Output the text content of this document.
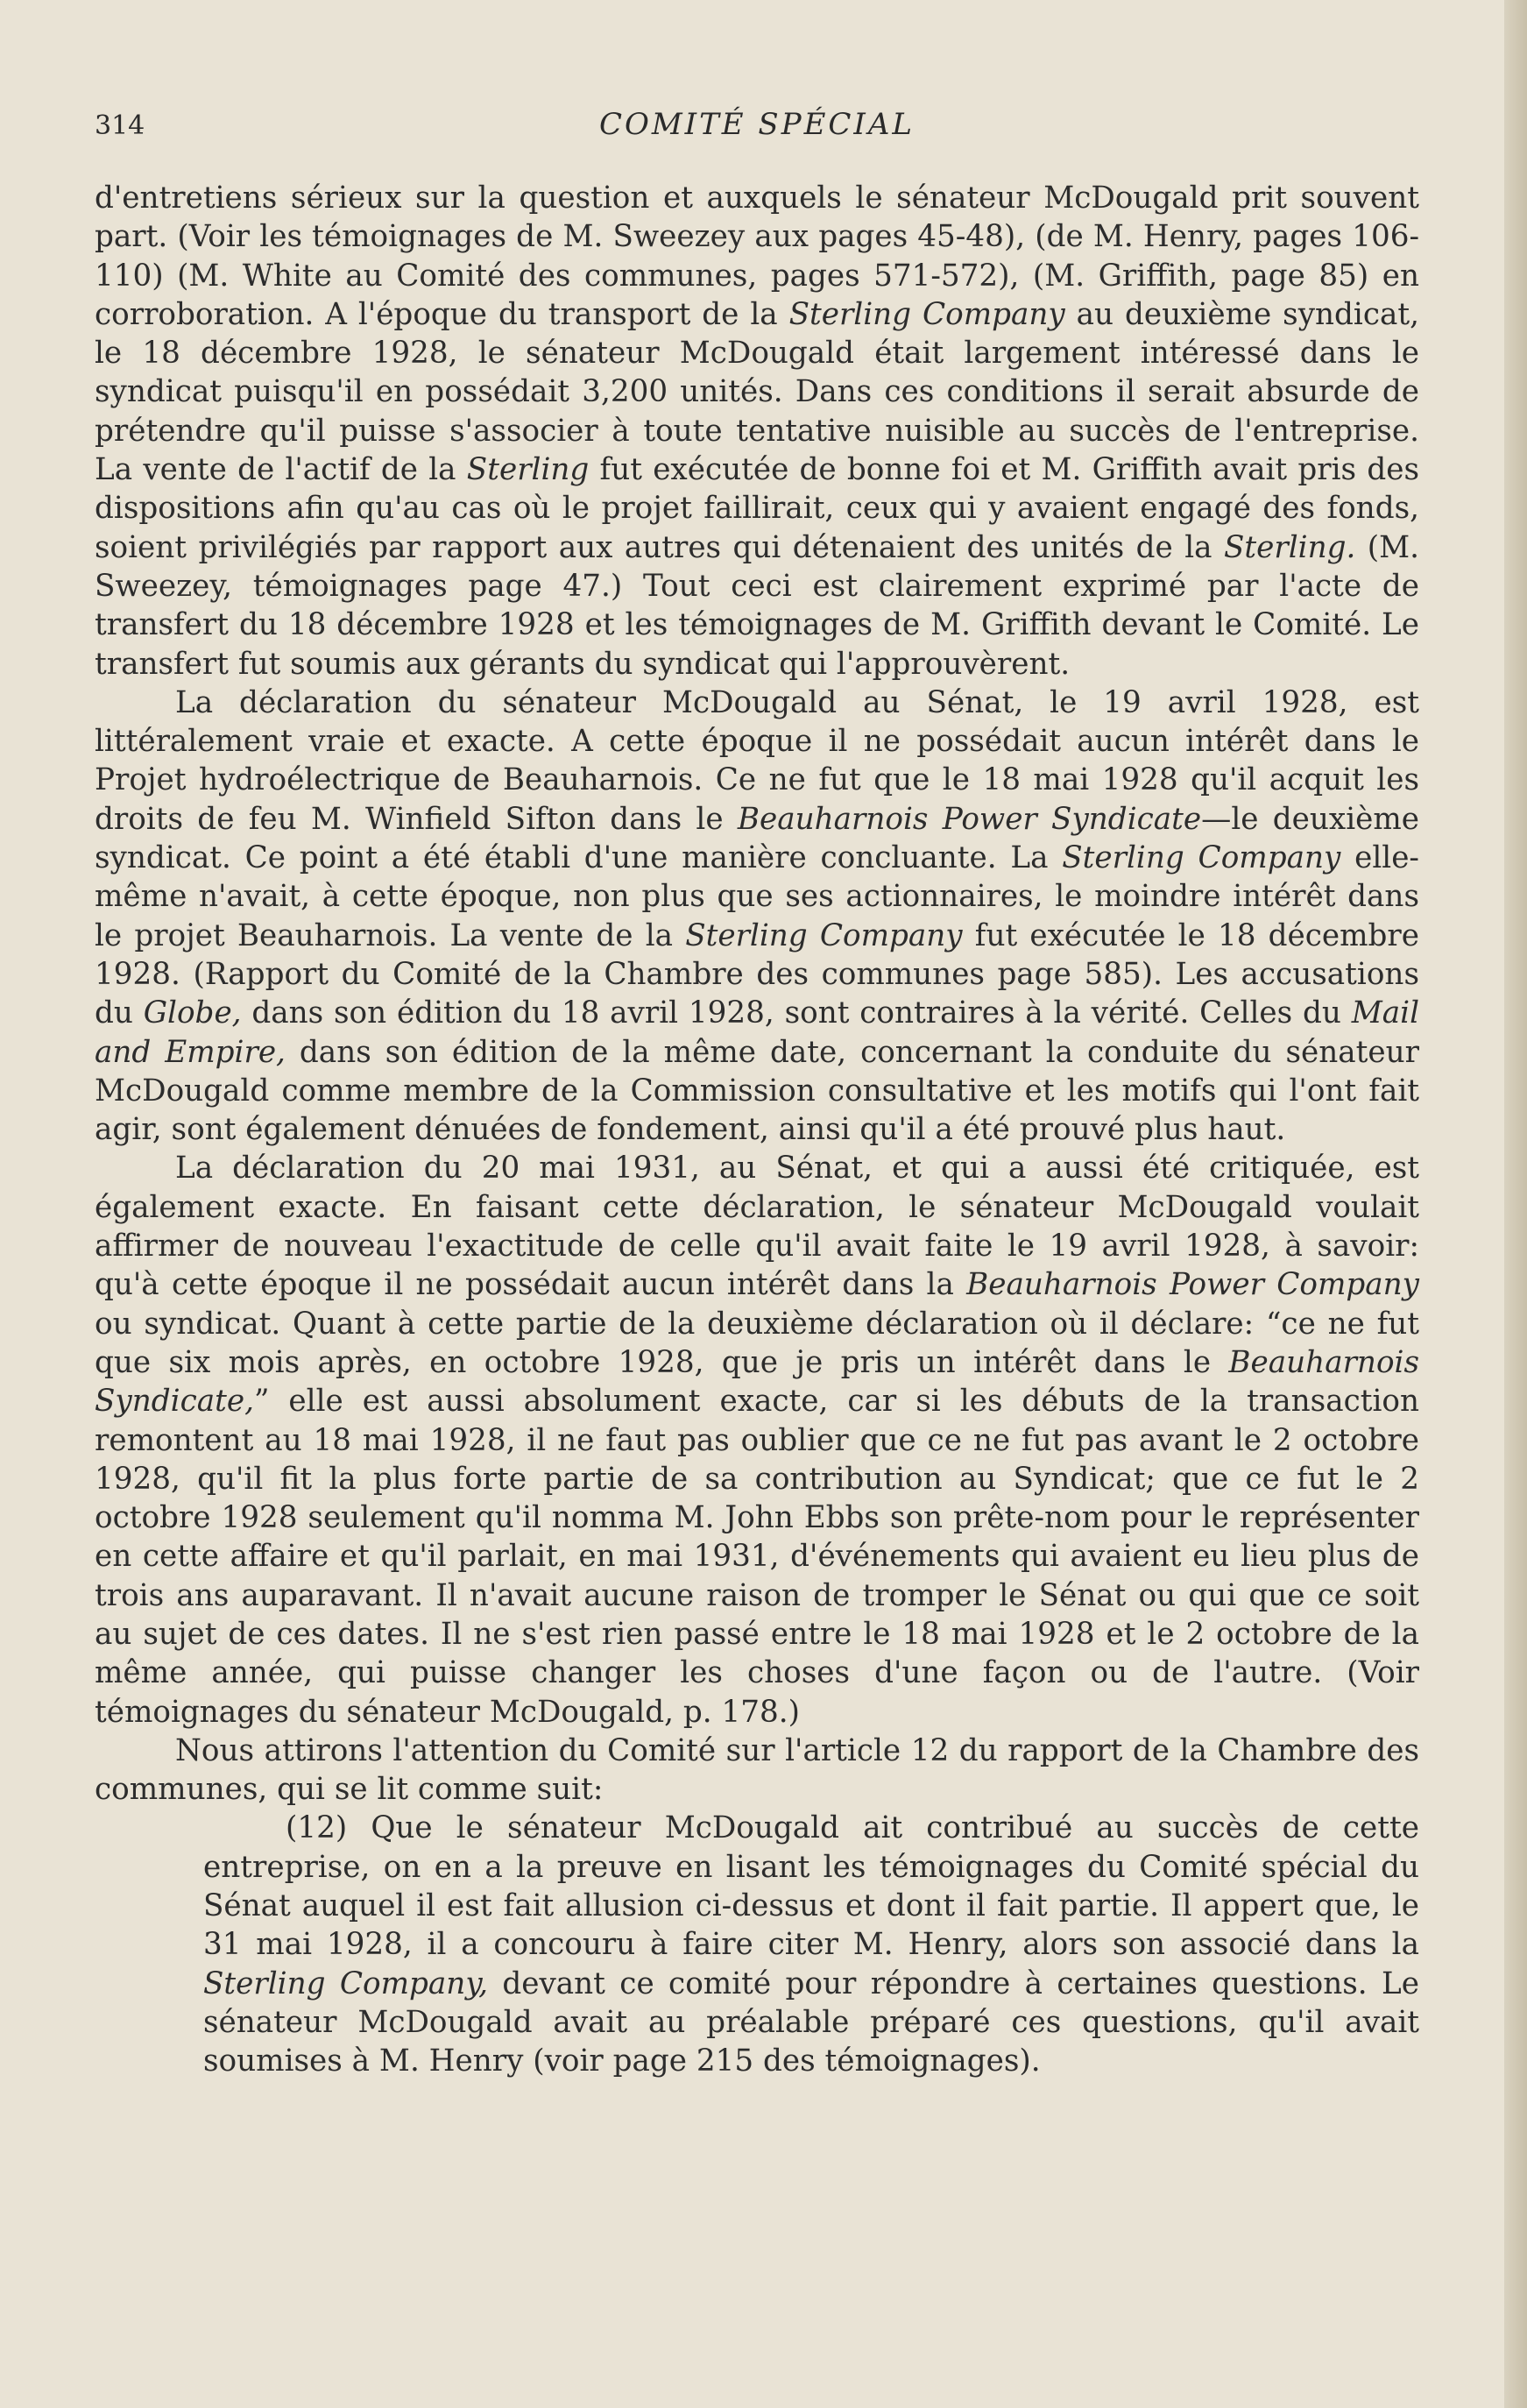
314	COMITÉ SPÉCIAL

d'entretiens sérieux sur la question et auxquels le sénateur McDougald prit souvent part. (Voir les témoignages de M. Sweezey aux pages 45-48), (de M. Henry, pages 106-110) (M. White au Comité des communes, pages 571-572), (M. Griffith, page 85) en corroboration. A l'époque du transport de la Sterling Company au deuxième syndicat, le 18 décembre 1928, le sénateur McDougald était largement intéressé dans le syndicat puisqu'il en possédait 3,200 unités. Dans ces conditions il serait absurde de prétendre qu'il puisse s'associer à toute tentative nuisible au succès de l'entreprise. La vente de l'actif de la Sterling fut exécutée de bonne foi et M. Griffith avait pris des dispositions afin qu'au cas où le projet faillirait, ceux qui y avaient engagé des fonds, soient privilégiés par rapport aux autres qui détenaient des unités de la Sterling. (M. Sweezey, témoignages page 47.) Tout ceci est clairement exprimé par l'acte de transfert du 18 décembre 1928 et les témoignages de M. Griffith devant le Comité. Le transfert fut soumis aux gérants du syndicat qui l'approuvèrent.

La déclaration du sénateur McDougald au Sénat, le 19 avril 1928, est littéralement vraie et exacte. A cette époque il ne possédait aucun intérêt dans le Projet hydroélectrique de Beauharnois. Ce ne fut que le 18 mai 1928 qu'il acquit les droits de feu M. Winfield Sifton dans le Beauharnois Power Syndicate—le deuxième syndicat. Ce point a été établi d'une manière concluante. La Sterling Company elle-même n'avait, à cette époque, non plus que ses actionnaires, le moindre intérêt dans le projet Beauharnois. La vente de la Sterling Company fut exécutée le 18 décembre 1928. (Rapport du Comité de la Chambre des communes page 585). Les accusations du Globe, dans son édition du 18 avril 1928, sont contraires à la vérité. Celles du Mail and Empire, dans son édition de la même date, concernant la conduite du sénateur McDougald comme membre de la Commission consultative et les motifs qui l'ont fait agir, sont également dénuées de fondement, ainsi qu'il a été prouvé plus haut.

La déclaration du 20 mai 1931, au Sénat, et qui a aussi été critiquée, est également exacte. En faisant cette déclaration, le sénateur McDougald voulait affirmer de nouveau l'exactitude de celle qu'il avait faite le 19 avril 1928, à savoir: qu'à cette époque il ne possédait aucun intérêt dans la Beauharnois Power Company ou syndicat. Quant à cette partie de la deuxième déclaration où il déclare: “ce ne fut que six mois après, en octobre 1928, que je pris un intérêt dans le Beauharnois Syndicate,” elle est aussi absolument exacte, car si les débuts de la transaction remontent au 18 mai 1928, il ne faut pas oublier que ce ne fut pas avant le 2 octobre 1928, qu'il fit la plus forte partie de sa contribution au Syndicat; que ce fut le 2 octobre 1928 seulement qu'il nomma M. John Ebbs son prête-nom pour le représenter en cette affaire et qu'il parlait, en mai 1931, d'événements qui avaient eu lieu plus de trois ans auparavant. Il n'avait aucune raison de tromper le Sénat ou qui que ce soit au sujet de ces dates. Il ne s'est rien passé entre le 18 mai 1928 et le 2 octobre de la même année, qui puisse changer les choses d'une façon ou de l'autre. (Voir témoignages du sénateur McDougald, p. 178.)

Nous attirons l'attention du Comité sur l'article 12 du rapport de la Chambre des communes, qui se lit comme suit:

(12) Que le sénateur McDougald ait contribué au succès de cette entreprise, on en a la preuve en lisant les témoignages du Comité spécial du Sénat auquel il est fait allusion ci-dessus et dont il fait partie. Il appert que, le 31 mai 1928, il a concouru à faire citer M. Henry, alors son associé dans la Sterling Company, devant ce comité pour répondre à certaines questions. Le sénateur McDougald avait au préalable préparé ces questions, qu'il avait soumises à M. Henry (voir page 215 des témoignages).
